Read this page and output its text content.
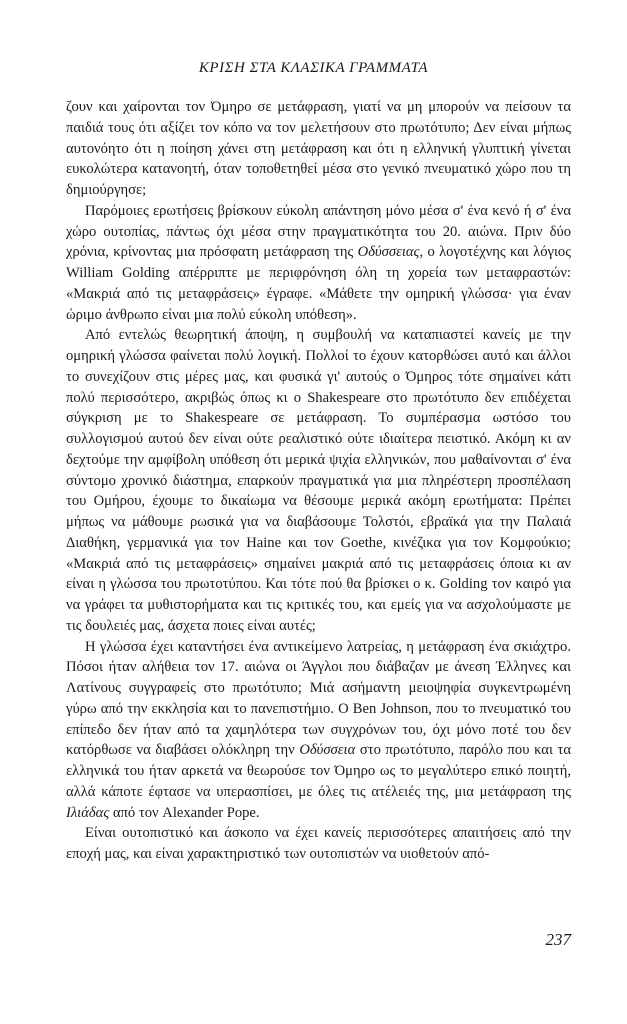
ΚΡΙΣΗ ΣΤΑ ΚΛΑΣΙΚΑ ΓΡΑΜΜΑΤΑ

ζουν και χαίρονται τον Όμηρο σε μετάφραση, γιατί να μη μπορούν να πείσουν τα παιδιά τους ότι αξίζει τον κόπο να τον μελετήσουν στο πρωτότυπο; Δεν είναι μήπως αυτονόητο ότι η ποίηση χάνει στη μετάφραση και ότι η ελληνική γλυπτική γίνεται ευκολώτερα κατανοητή, όταν τοποθετηθεί μέσα στο γενικό πνευματικό χώρο που τη δημιούργησε;

Παρόμοιες ερωτήσεις βρίσκουν εύκολη απάντηση μόνο μέσα σ' ένα κενό ή σ' ένα χώρο ουτοπίας, πάντως όχι μέσα στην πραγματικότητα του 20. αιώνα. Πριν δύο χρόνια, κρίνοντας μια πρόσφατη μετάφραση της Οδύσσειας, ο λογοτέχνης και λόγιος William Golding απέρριπτε με περιφρόνηση όλη τη χορεία των μεταφραστών: «Μακριά από τις μεταφράσεις» έγραφε. «Μάθετε την ομηρική γλώσσα· για έναν ώριμο άνθρωπο είναι μια πολύ εύκολη υπόθεση».

Από εντελώς θεωρητική άποψη, η συμβουλή να καταπιαστεί κανείς με την ομηρική γλώσσα φαίνεται πολύ λογική. Πολλοί το έχουν κατορθώσει αυτό και άλλοι το συνεχίζουν στις μέρες μας, και φυσικά γι' αυτούς ο Όμηρος τότε σημαίνει κάτι πολύ περισσότερο, ακριβώς όπως κι ο Shakespeare στο πρωτότυπο δεν επιδέχεται σύγκριση με το Shakespeare σε μετάφραση. Το συμπέρασμα ωστόσο του συλλογισμού αυτού δεν είναι ούτε ρεαλιστικό ούτε ιδιαίτερα πειστικό. Ακόμη κι αν δεχτούμε την αμφίβολη υπόθεση ότι μερικά ψιχία ελληνικών, που μαθαίνονται σ' ένα σύντομο χρονικό διάστημα, επαρκούν πραγματικά για μια πληρέστερη προσπέλαση του Ομήρου, έχουμε το δικαίωμα να θέσουμε μερικά ακόμη ερωτήματα: Πρέπει μήπως να μάθουμε ρωσικά για να διαβάσουμε Τολστόι, εβραϊκά για την Παλαιά Διαθήκη, γερμανικά για τον Haine και τον Goethe, κινέζικα για τον Κομφούκιο; «Μακριά από τις μεταφράσεις» σημαίνει μακριά από τις μεταφράσεις όποια κι αν είναι η γλώσσα του πρωτοτύπου. Και τότε πού θα βρίσκει ο κ. Golding τον καιρό για να γράφει τα μυθιστορήματα και τις κριτικές του, και εμείς για να ασχολούμαστε με τις δουλειές μας, άσχετα ποιες είναι αυτές;

Η γλώσσα έχει καταντήσει ένα αντικείμενο λατρείας, η μετάφραση ένα σκιάχτρο. Πόσοι ήταν αλήθεια τον 17. αιώνα οι Άγγλοι που διάβαζαν με άνεση Έλληνες και Λατίνους συγγραφείς στο πρωτότυπο; Μιά ασήμαντη μειοψηφία συγκεντρωμένη γύρω από την εκκλησία και το πανεπιστήμιο. Ο Ben Johnson, που το πνευματικό του επίπεδο δεν ήταν από τα χαμηλότερα των συγχρόνων του, όχι μόνο ποτέ του δεν κατόρθωσε να διαβάσει ολόκληρη την Οδύσσεια στο πρωτότυπο, παρόλο που και τα ελληνικά του ήταν αρκετά να θεωρούσε τον Όμηρο ως το μεγαλύτερο επικό ποιητή, αλλά κάποτε έφτασε να υπερασπίσει, με όλες τις ατέλειές της, μια μετάφραση της Ιλιάδας από τον Alexander Pope.

Είναι ουτοπιστικό και άσκοπο να έχει κανείς περισσότερες απαιτήσεις από την εποχή μας, και είναι χαρακτηριστικό των ουτοπιστών να υιοθετούν από-

237
